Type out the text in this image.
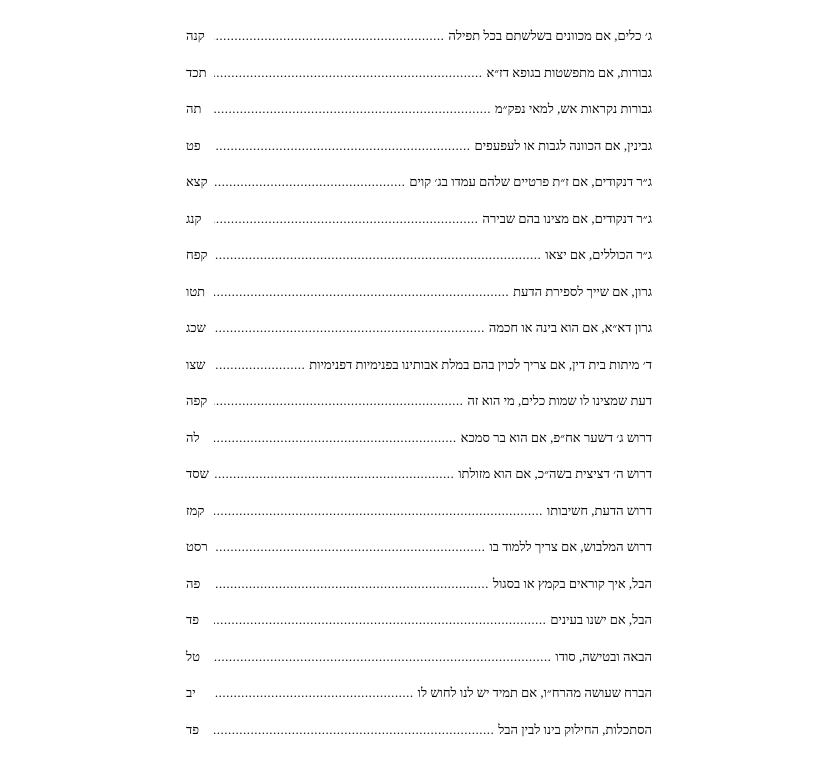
ג׳ כלים, אם מכוונים בשלשתם בכל תפילה
.....
קנה
גבורות, אם מתפשטות בגופא דז״א
.....
תכד
גבורות נקראות אש, למאי נפק״מ
.....
תה
גבינין, אם הכוונה לגבות או לעפעפים
.....
פט
ג״ר דנקודים, אם ז״ת פרטיים שלהם עמדו בג׳ קוים
.....
קצא
ג״ר דנקודים, אם מצינו בהם שבירה
.....
קנג
ג״ר הכוללים, אם יצאו
.....
קפח
גרון, אם שייך לספירת הדעת
.....
תטו
גרון דא״א, אם הוא בינה או חכמה
.....
שכג
ד׳ מיתות בית דין, אם צריך לכוין בהם במלת אבותינו בפנימיות דפנימיות
.....
שצו
דעת שמצינו לו שמות כלים, מי הוא זה
.....
קפה
דרוש ג׳ דשער אח״פ, אם הוא בר סמכא
.....
לה
דרוש ה׳ דציצית בשה״כ, אם הוא מזולתו
.....
שסד
דרוש הדעת, חשיבותו
.....
קמז
דרוש המלבוש, אם צריך ללמוד בו
.....
רסט
הבל, איך קוראים בקמץ או בסגול
.....
פה
הבל, אם ישנו בעינים
.....
פד
הבאה ובטישה, סודו
.....
טל
הברח שעושה מהרח״ו, אם תמיד יש לנו לחוש לו
.....
יב
הסתכלות, החילוק בינו לבין הבל
.....
פד
